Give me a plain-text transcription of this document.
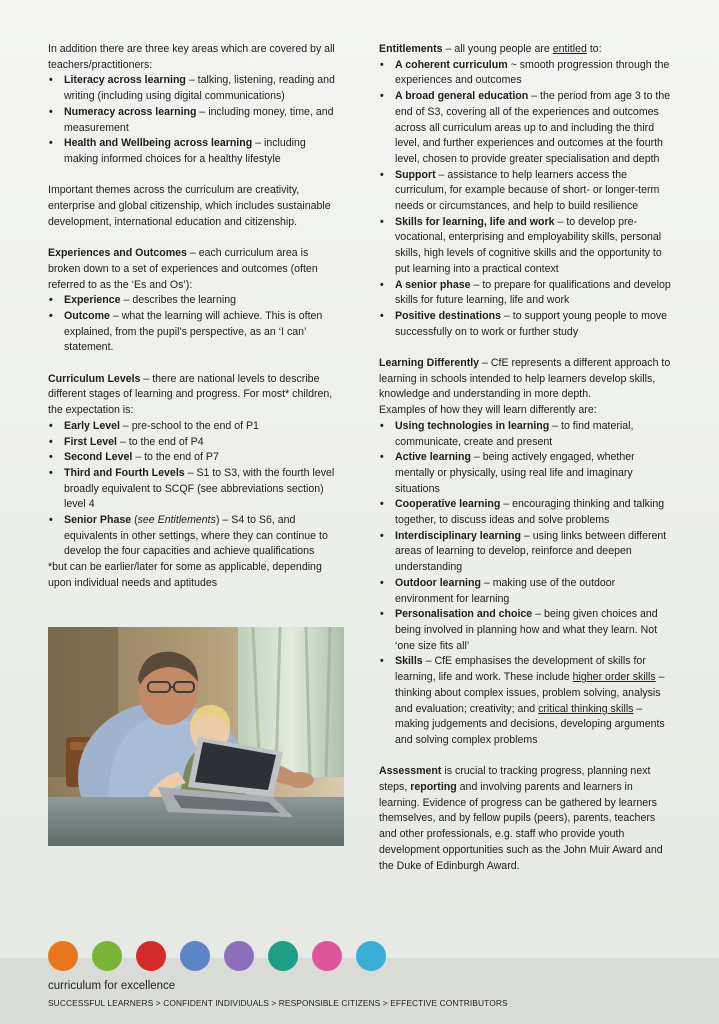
In addition there are three key areas which are covered by all teachers/practitioners:

• Literacy across learning – talking, listening, reading and writing (including using digital communications)
• Numeracy across learning – including money, time, and measurement
• Health and Wellbeing across learning – including making informed choices for a healthy lifestyle

Important themes across the curriculum are creativity, enterprise and global citizenship, which includes sustainable development, international education and citizenship.

Experiences and Outcomes – each curriculum area is broken down to a set of experiences and outcomes (often referred to as the ‘Es and Os’):

• Experience – describes the learning
• Outcome – what the learning will achieve. This is often explained, from the pupil’s perspective, as an ‘I can’ statement.

Curriculum Levels – there are national levels to describe different stages of learning and progress. For most* children, the expectation is:

• Early Level – pre-school to the end of P1
• First Level – to the end of P4
• Second Level – to the end of P7
• Third and Fourth Levels – S1 to S3, with the fourth level broadly equivalent to SCQF (see abbreviations section) level 4
• Senior Phase (see Entitlements) – S4 to S6, and equivalents in other settings, where they can continue to develop the four capacities and achieve qualifications

*but can be earlier/later for some as applicable, depending upon individual needs and aptitudes

Entitlements – all young people are entitled to:

• A coherent curriculum ~ smooth progression through the experiences and outcomes
• A broad general education – the period from age 3 to the end of S3, covering all of the experiences and outcomes across all curriculum areas up to and including the third level, and further experiences and outcomes at the fourth level, chosen to provide greater specialisation and depth
• Support – assistance to help learners access the curriculum, for example because of short- or longer-term needs or circumstances, and help to build resilience
• Skills for learning, life and work – to develop pre-vocational, enterprising and employability skills, personal skills, high levels of cognitive skills and the opportunity to put learning into a practical context
• A senior phase – to prepare for qualifications and develop skills for future learning, life and work
• Positive destinations – to support young people to move successfully on to work or further study

Learning Differently – CfE represents a different approach to learning in schools intended to help learners develop skills, knowledge and understanding in more depth.

Examples of how they will learn differently are:

• Using technologies in learning – to find material, communicate, create and present
• Active learning – being actively engaged, whether mentally or physically, using real life and imaginary situations
• Cooperative learning – encouraging thinking and talking together, to discuss ideas and solve problems
• Interdisciplinary learning – using links between different areas of learning to develop, reinforce and deepen understanding
• Outdoor learning – making use of the outdoor environment for learning
• Personalisation and choice – being given choices and being involved in planning how and what they learn. Not ‘one size fits all’
• Skills – CfE emphasises the development of skills for learning, life and work. These include higher order skills – thinking about complex issues, problem solving, analysis and evaluation; creativity; and critical thinking skills – making judgements and decisions, developing arguments and solving complex problems

Assessment is crucial to tracking progress, planning next steps, reporting and involving parents and learners in learning. Evidence of progress can be gathered by learners themselves, and by fellow pupils (peers), parents, teachers and other professionals, e.g. staff who provide youth development opportunities such as the John Muir Award and the Duke of Edinburgh Award.

curriculum for excellence
SUCCESSFUL LEARNERS > CONFIDENT INDIVIDUALS > RESPONSIBLE CITIZENS > EFFECTIVE CONTRIBUTORS
